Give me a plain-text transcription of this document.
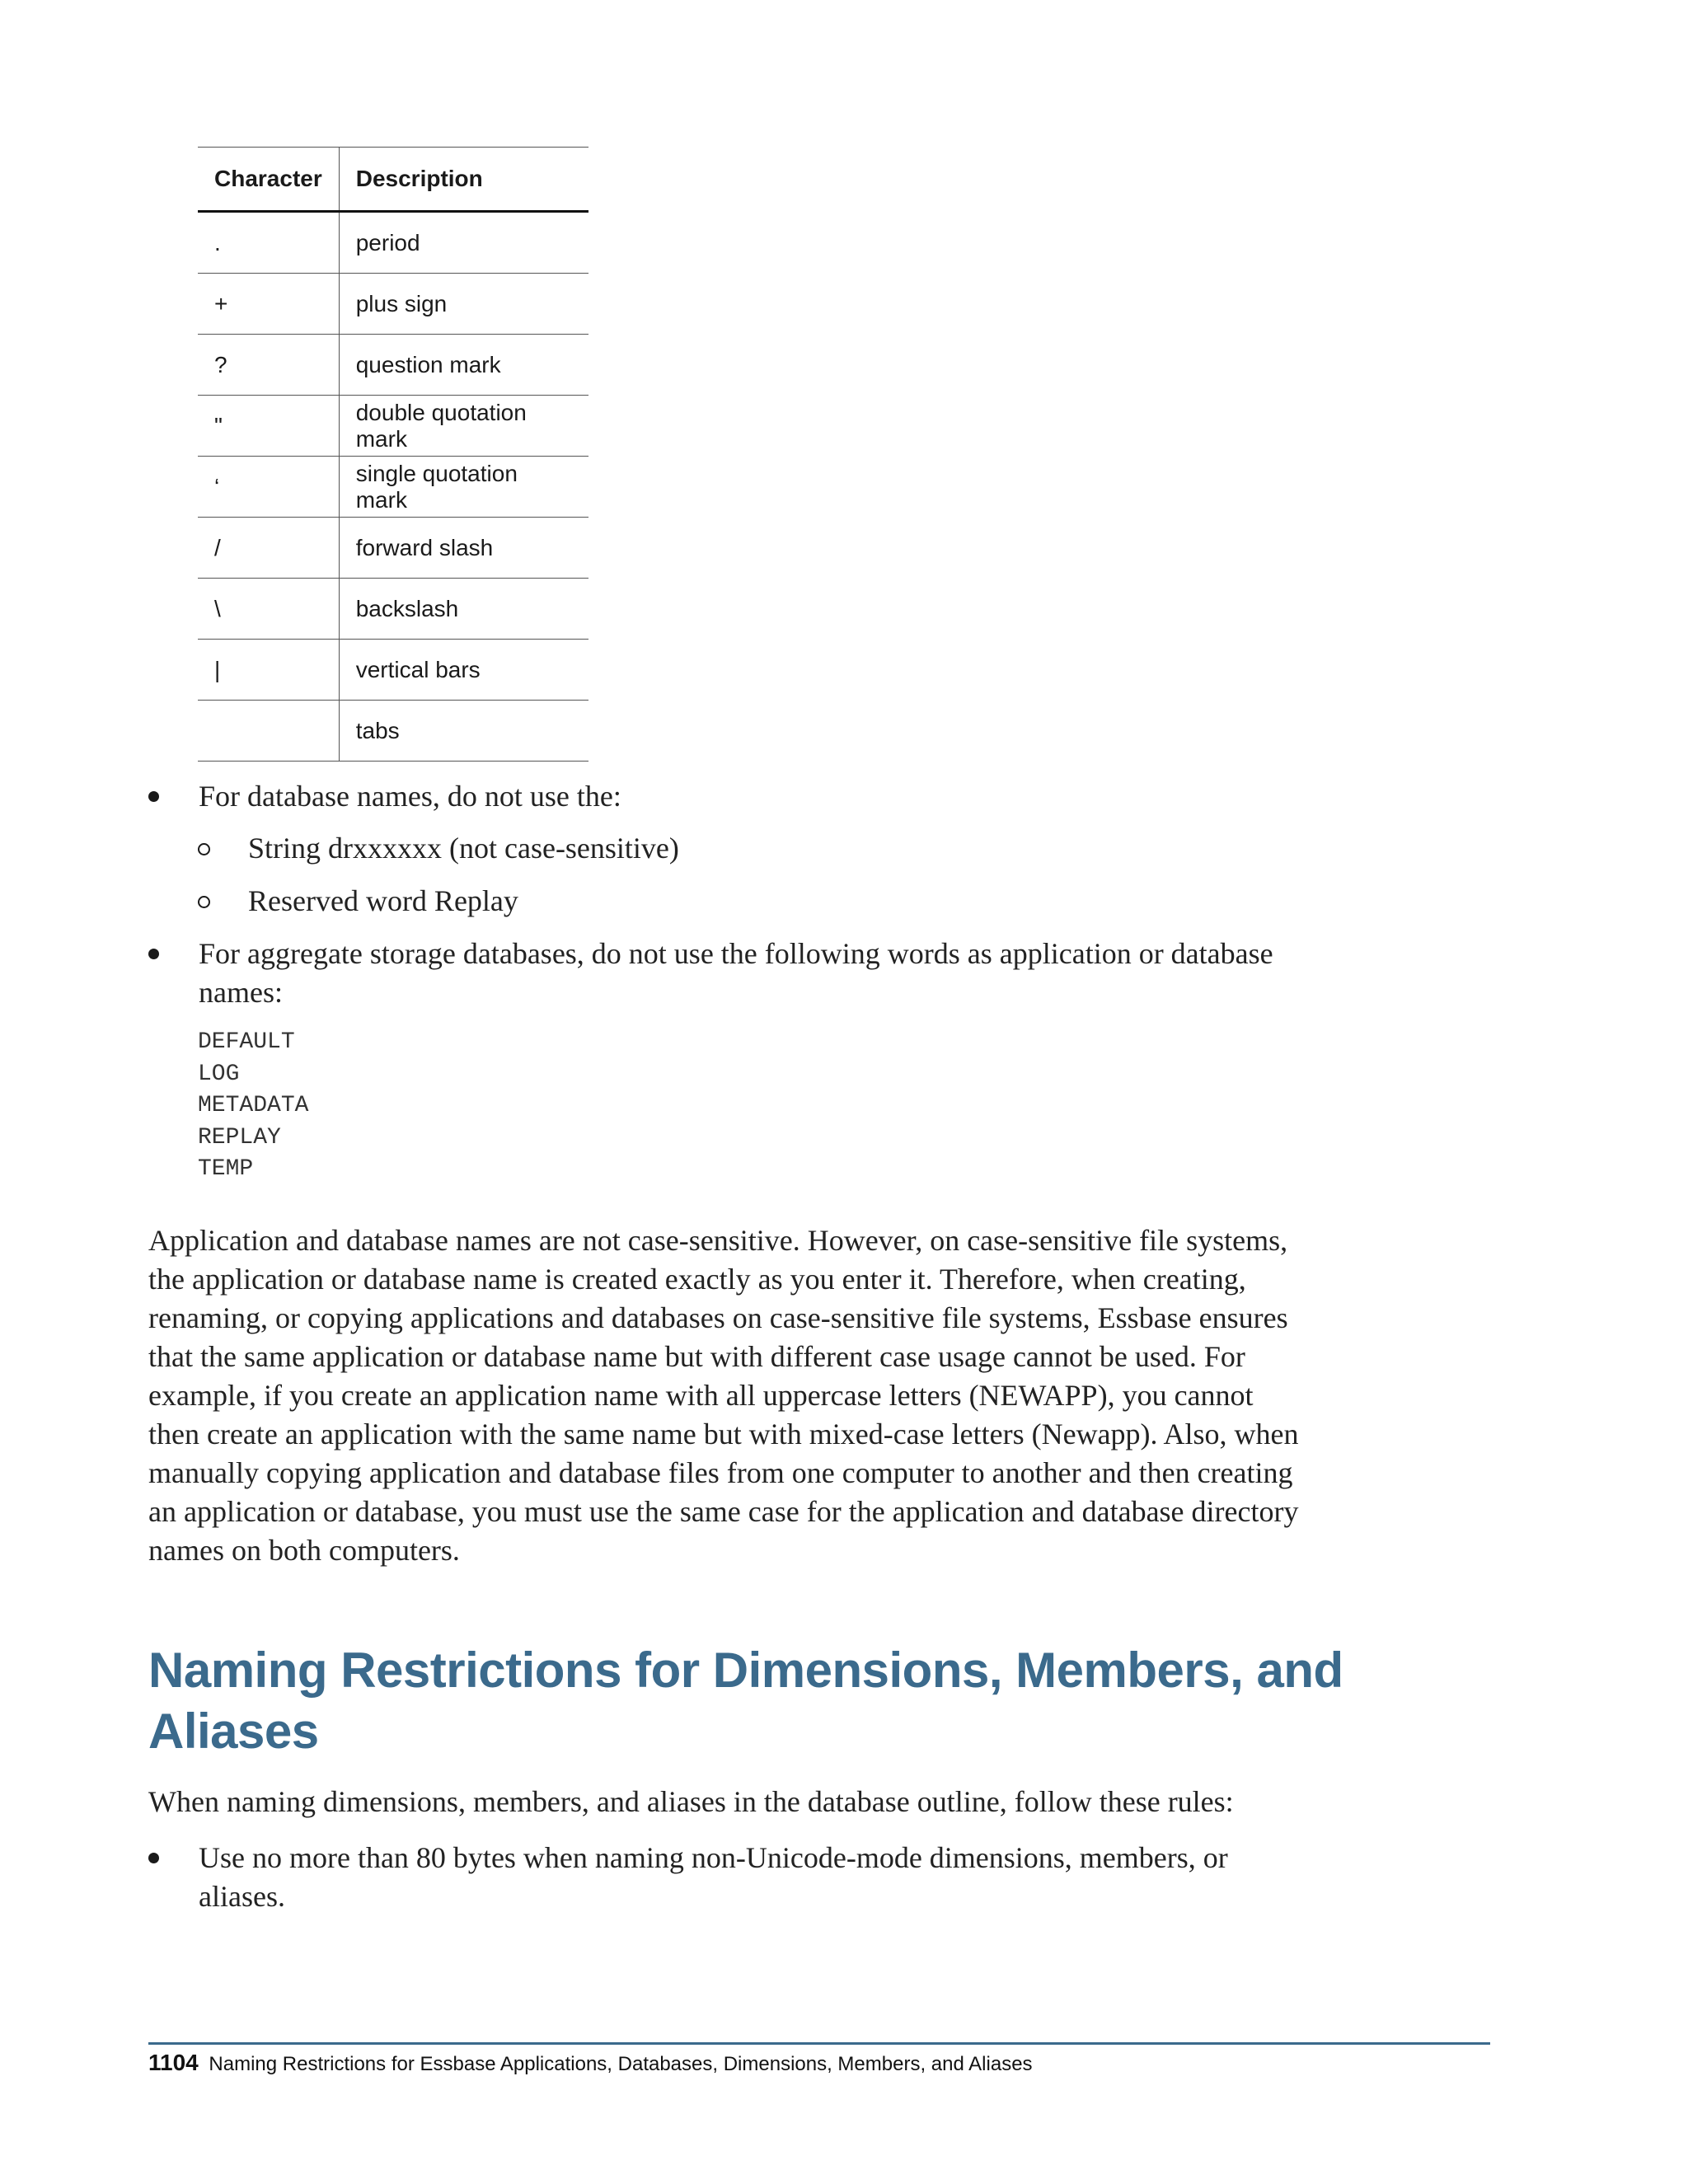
Character	Description
.	period
+	plus sign
?	question mark
"	double quotation mark
‘	single quotation mark
/	forward slash
\	backslash
|	vertical bars
	tabs
For database names, do not use the:
String drxxxxxx (not case-sensitive)
Reserved word Replay
For aggregate storage databases, do not use the following words as application or database names:
DEFAULT
LOG
METADATA
REPLAY
TEMP

Application and database names are not case-sensitive. However, on case-sensitive file systems, the application or database name is created exactly as you enter it. Therefore, when creating, renaming, or copying applications and databases on case-sensitive file systems, Essbase ensures that the same application or database name but with different case usage cannot be used. For example, if you create an application name with all uppercase letters (NEWAPP), you cannot then create an application with the same name but with mixed-case letters (Newapp). Also, when manually copying application and database files from one computer to another and then creating an application or database, you must use the same case for the application and database directory names on both computers.

Naming Restrictions for Dimensions, Members, and Aliases

When naming dimensions, members, and aliases in the database outline, follow these rules:

Use no more than 80 bytes when naming non-Unicode-mode dimensions, members, or aliases.
1104 Naming Restrictions for Essbase Applications, Databases, Dimensions, Members, and Aliases
